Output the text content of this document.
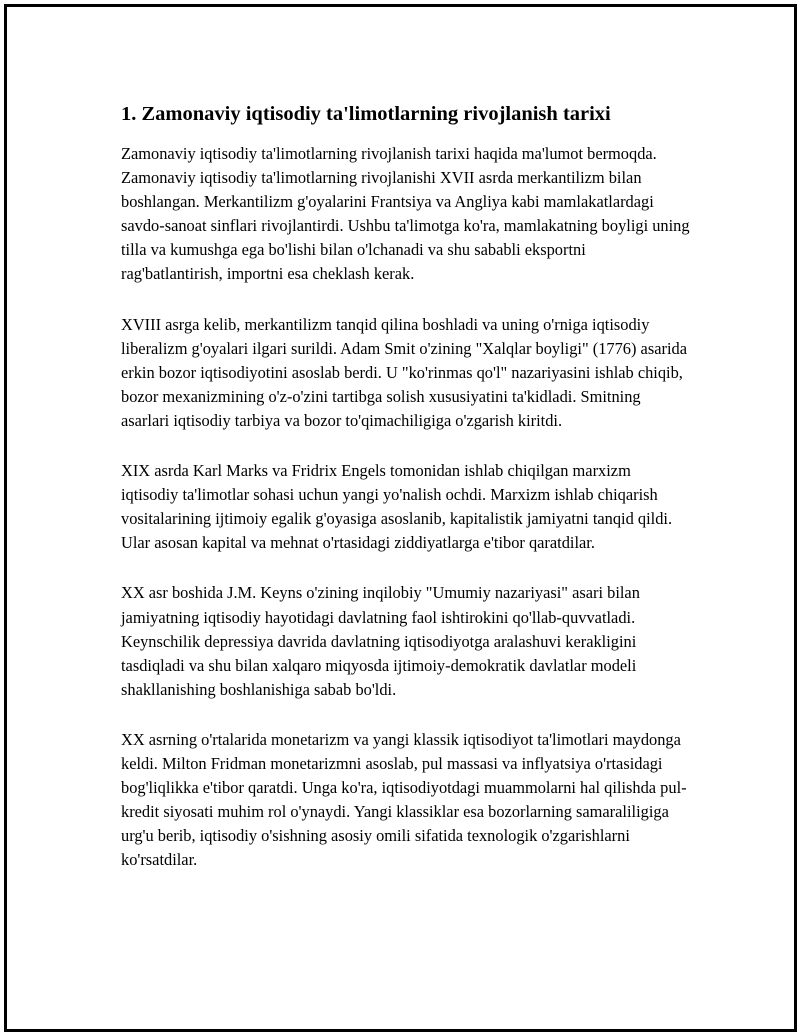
1. Zamonaviy iqtisodiy ta'limotlarning rivojlanish tarixi

Zamonaviy iqtisodiy ta'limotlarning rivojlanish tarixi haqida ma'lumot bermoqda. Zamonaviy iqtisodiy ta'limotlarning rivojlanishi XVII asrda merkantilizm bilan boshlangan. Merkantilizm g'oyalarini Frantsiya va Angliya kabi mamlakatlardagi savdo-sanoat sinflari rivojlantirdi. Ushbu ta'limotga ko'ra, mamlakatning boyligi uning tilla va kumushga ega bo'lishi bilan o'lchanadi va shu sababli eksportni rag'batlantirish, importni esa cheklash kerak.

XVIII asrga kelib, merkantilizm tanqid qilina boshladi va uning o'rniga iqtisodiy liberalizm g'oyalari ilgari surildi. Adam Smit o'zining "Xalqlar boyligi" (1776) asarida erkin bozor iqtisodiyotini asoslab berdi. U "ko'rinmas qo'l" nazariyasini ishlab chiqib, bozor mexanizmining o'z-o'zini tartibga solish xususiyatini ta'kidladi. Smitning asarlari iqtisodiy tarbiya va bozor to'qimachiligiga o'zgarish kiritdi.

XIX asrda Karl Marks va Fridrix Engels tomonidan ishlab chiqilgan marxizm iqtisodiy ta'limotlar sohasi uchun yangi yo'nalish ochdi. Marxizm ishlab chiqarish vositalarining ijtimoiy egalik g'oyasiga asoslanib, kapitalistik jamiyatni tanqid qildi. Ular asosan kapital va mehnat o'rtasidagi ziddiyatlarga e'tibor qaratdilar.

XX asr boshida J.M. Keyns o'zining inqilobiy "Umumiy nazariyasi" asari bilan jamiyatning iqtisodiy hayotidagi davlatning faol ishtirokini qo'llab-quvvatladi. Keynschilik depressiya davrida davlatning iqtisodiyotga aralashuvi kerakligini tasdiqladi va shu bilan xalqaro miqyosda ijtimoiy-demokratik davlatlar modeli shakllanishing boshlanishiga sabab bo'ldi.

XX asrning o'rtalarida monetarizm va yangi klassik iqtisodiyot ta'limotlari maydonga keldi. Milton Fridman monetarizmni asoslab, pul massasi va inflyatsiya o'rtasidagi bog'liqlikka e'tibor qaratdi. Unga ko'ra, iqtisodiyotdagi muammolarni hal qilishda pul-kredit siyosati muhim rol o'ynaydi. Yangi klassiklar esa bozorlarning samaraliligiga urg'u berib, iqtisodiy o'sishning asosiy omili sifatida texnologik o'zgarishlarni ko'rsatdilar.
